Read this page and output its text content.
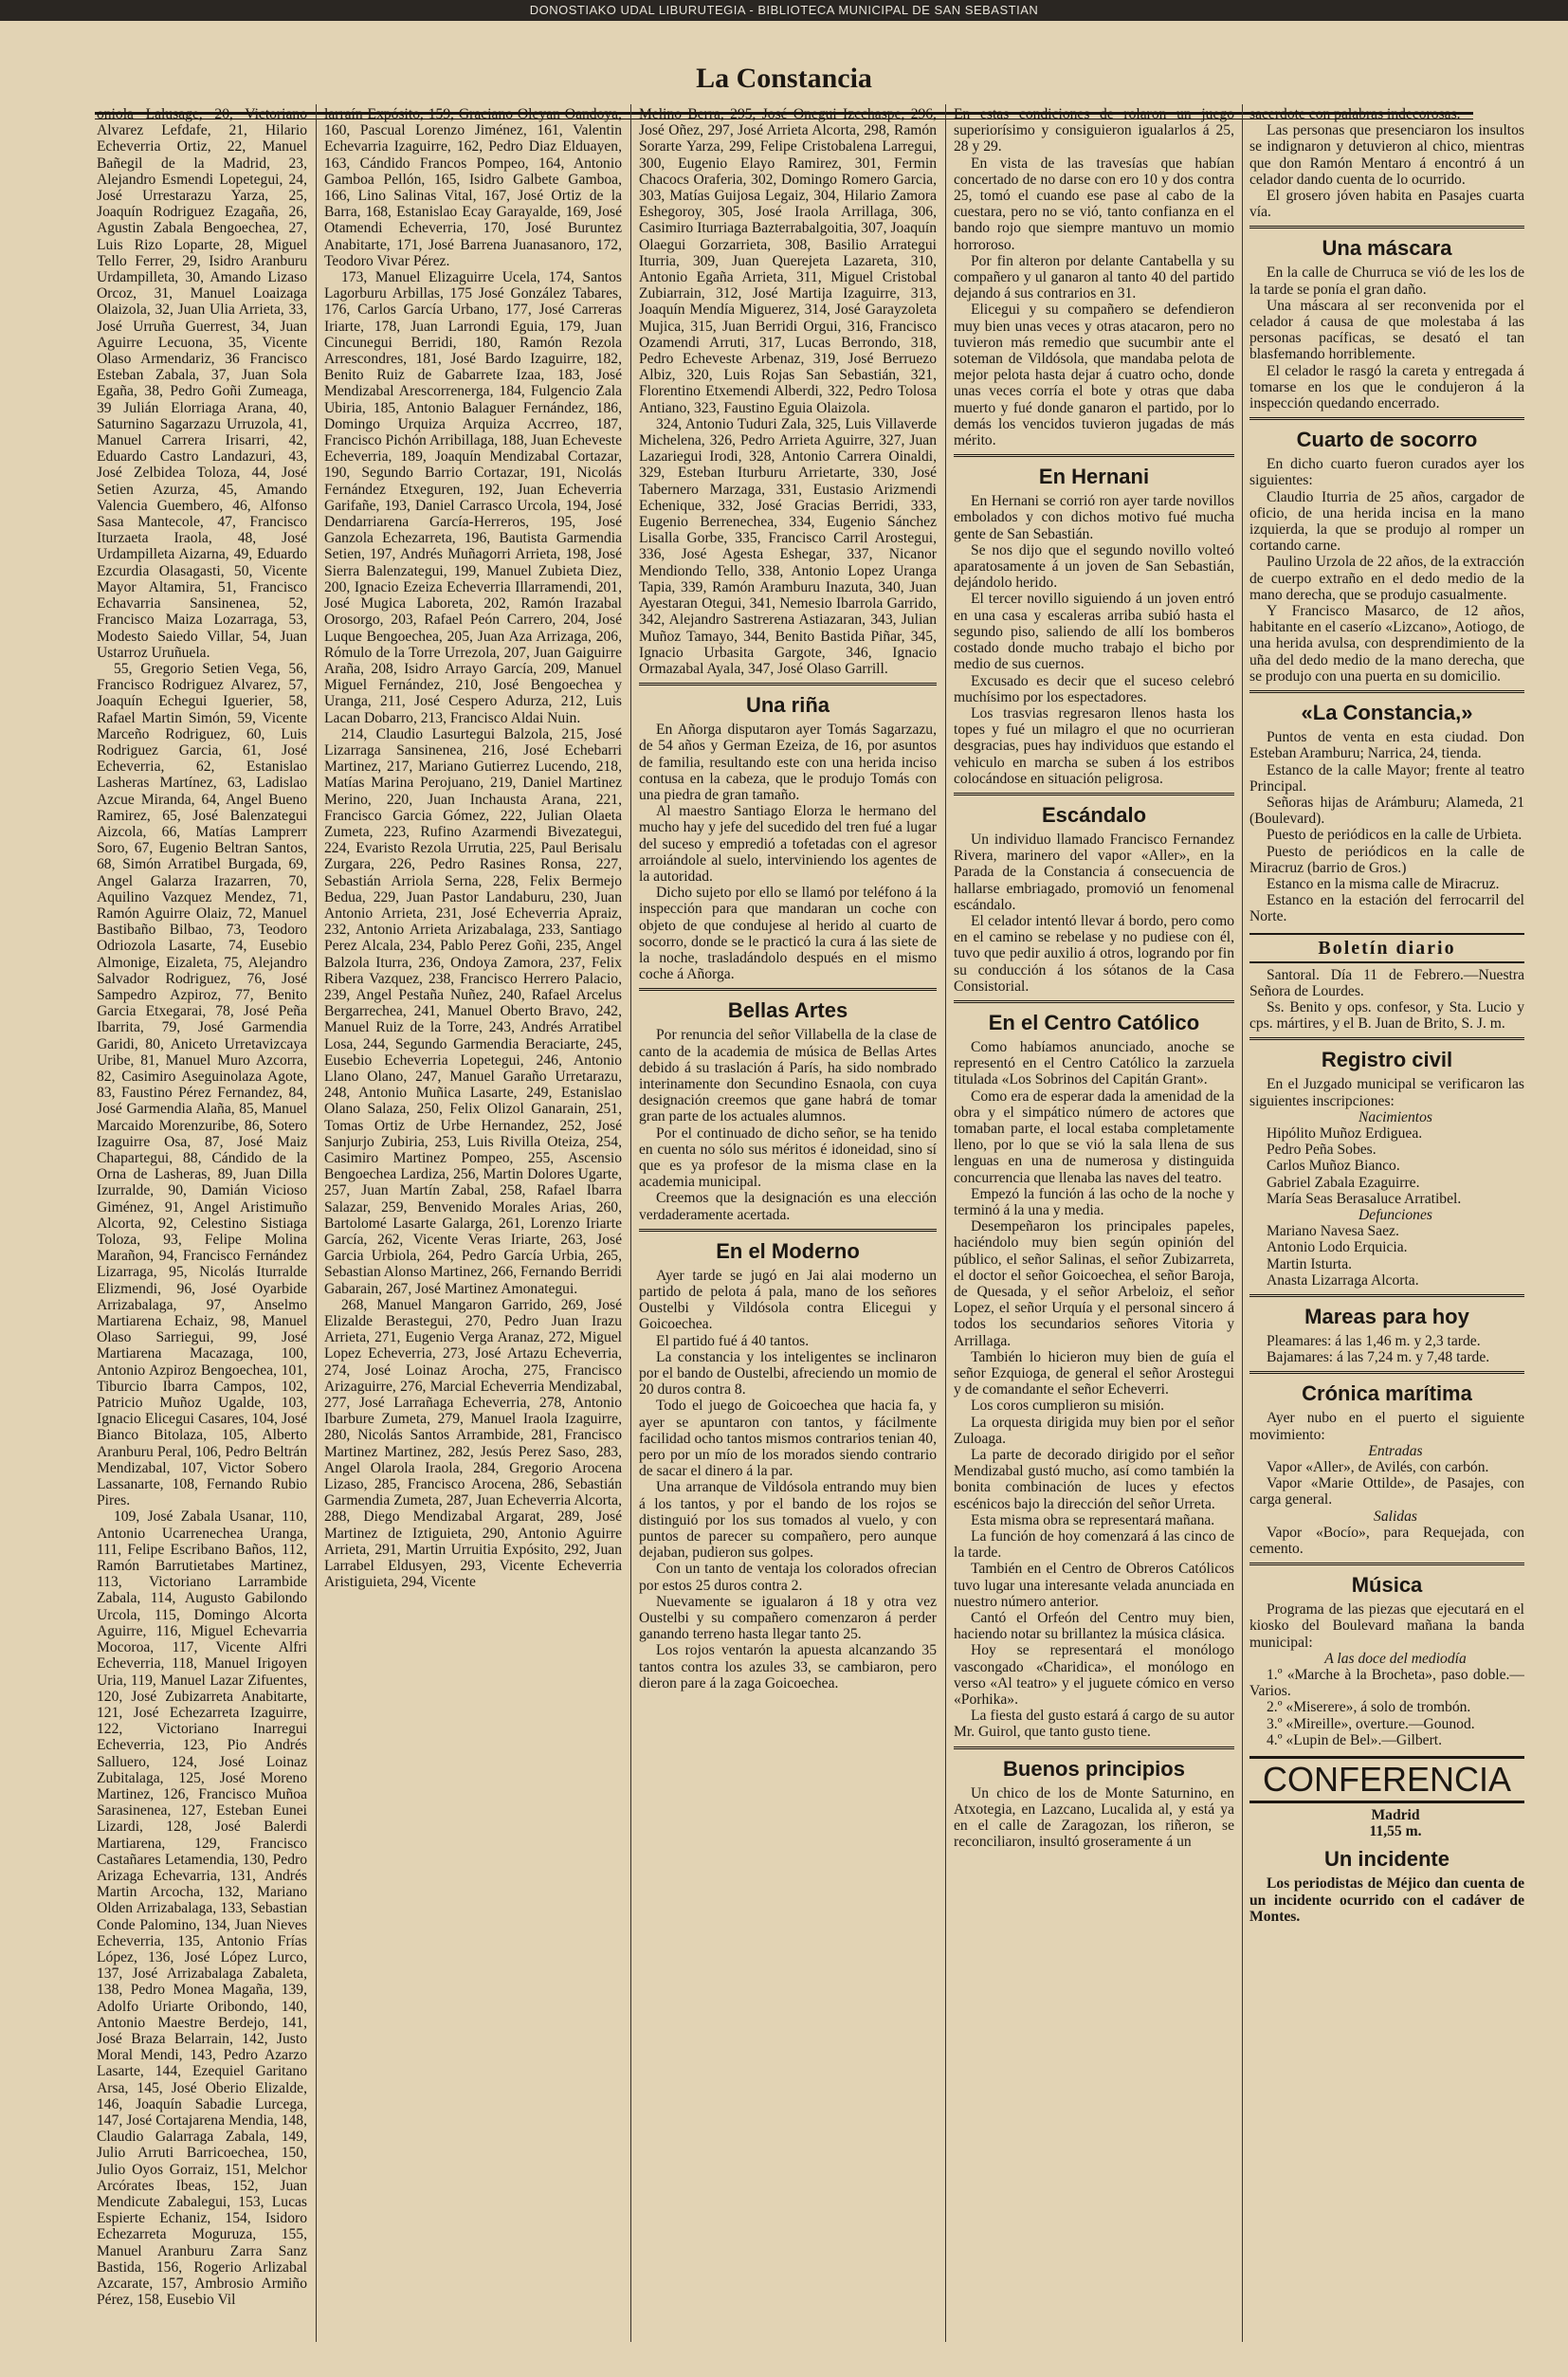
DONOSTIAKO UDAL LIBURUTEGIA - BIBLIOTECA MUNICIPAL DE SAN SEBASTIAN
La Constancia

oniola Lalusage, 20, Victoriano Alvarez Lefdafe, 21, Hilario Echeverria Ortiz, 22, Manuel Bañegil de la Madrid, 23, Alejandro Esmendi Lopetegui, 24, José Urrestarazu Yarza, 25, Joaquín Rodriguez Ezagaña, 26, Agustin Zabala Bengoechea, 27, Luis Rizo Loparte, 28, Miguel Tello Ferrer, 29, Isidro Aranburu Urdampilleta, 30, Amando Lizaso Orcoz, 31, Manuel Loaizaga Olaizola, 32, Juan Ulia Arrieta, 33, José Urruña Guerrest, 34, Juan Aguirre Lecuona, 35, Vicente Olaso Armendariz, 36 Francisco Esteban Zabala, 37, Juan Sola Egaña, 38, Pedro Goñi Zumeaga, 39 Julián Elorriaga Arana, 40, Saturnino Sagarzazu Urruzola, 41, Manuel Carrera Irisarri, 42, Eduardo Castro Landazuri, 43, José Zelbidea Toloza, 44, José Setien Azurza, 45, Amando Valencia Guembero, 46, Alfonso Sasa Mantecole, 47, Francisco Iturzaeta Iraola, 48, José Urdampilleta Aizarna, 49, Eduardo Ezcurdia Olasagasti, 50, Vicente Mayor Altamira, 51, Francisco Echavarria Sansinenea, 52, Francisco Maiza Lozarraga, 53, Modesto Saiedo Villar, 54, Juan Ustarroz Uruñuela.

55, Gregorio Setien Vega, 56, Francisco Rodriguez Alvarez, 57, Joaquín Echegui Iguerier, 58, Rafael Martin Simón, 59, Vicente Marceño Rodriguez, 60, Luis Rodriguez Garcia, 61, José Echeverria, 62, Estanislao Lasheras Martínez, 63, Ladislao Azcue Miranda, 64, Angel Bueno Ramirez, 65, José Balenzategui Aizcola, 66, Matías Lamprerr Soro, 67, Eugenio Beltran Santos, 68, Simón Arratibel Burgada, 69, Angel Galarza Irazarren, 70, Aquilino Vazquez Mendez, 71, Ramón Aguirre Olaiz, 72, Manuel Bastibaño Bilbao, 73, Teodoro Odriozola Lasarte, 74, Eusebio Almonige, Eizaleta, 75, Alejandro Salvador Rodriguez, 76, José Sampedro Azpiroz, 77, Benito Garcia Etxegarai, 78, José Peña Ibarrita, 79, José Garmendia Garidi, 80, Aniceto Urretavizcaya Uribe, 81, Manuel Muro Azcorra, 82, Casimiro Aseguinolaza Agote, 83, Faustino Pérez Fernandez, 84, José Garmendia Alaña, 85, Manuel Marcaido Morenzuribe, 86, Sotero Izaguirre Osa, 87, José Maiz Chapartegui, 88, Cándido de la Orna de Lasheras, 89, Juan Dilla Izurralde, 90, Damián Vicioso Giménez, 91, Angel Aristimuño Alcorta, 92, Celestino Sistiaga Toloza, 93, Felipe Molina Marañon, 94, Francisco Fernández Lizarraga, 95, Nicolás Iturralde Elizmendi, 96, José Oyarbide Arrizabalaga, 97, Anselmo Martiarena Echaiz, 98, Manuel Olaso Sarriegui, 99, José Martiarena Macazaga, 100, Antonio Azpiroz Bengoechea, 101, Tiburcio Ibarra Campos, 102, Patricio Muñoz Ugalde, 103, Ignacio Elicegui Casares, 104, José Bianco Bitolaza, 105, Alberto Aranburu Peral, 106, Pedro Beltrán Mendizabal, 107, Victor Sobero Lassanarte, 108, Fernando Rubio Pires.

109, José Zabala Usanar, 110, Antonio Ucarrenechea Uranga, 111, Felipe Escribano Baños, 112, Ramón Barrutietabes Martinez, 113, Victoriano Larrambide Zabala, 114, Augusto Gabilondo Urcola, 115, Domingo Alcorta Aguirre, 116, Miguel Echevarria Mocoroa, 117, Vicente Alfri Echeverria, 118, Manuel Irigoyen Uria, 119, Manuel Lazar Zifuentes, 120, José Zubizarreta Anabitarte, 121, José Echezarreta Izaguirre, 122, Victoriano Inarregui Echeverria, 123, Pio Andrés Salluero, 124, José Loinaz Zubitalaga, 125, José Moreno Martinez, 126, Francisco Muñoa Sarasinenea, 127, Esteban Eunei Lizardi, 128, José Balerdi Martiarena, 129, Francisco Castañares Letamendia, 130, Pedro Arizaga Echevarria, 131, Andrés Martin Arcocha, 132, Mariano Olden Arrizabalaga, 133, Sebastian Conde Palomino, 134, Juan Nieves Echeverria, 135, Antonio Frías López, 136, José López Lurco, 137, José Arrizabalaga Zabaleta, 138, Pedro Monea Magaña, 139, Adolfo Uriarte Oribondo, 140, Antonio Maestre Berdejo, 141, José Braza Belarrain, 142, Justo Moral Mendi, 143, Pedro Azarzo Lasarte, 144, Ezequiel Garitano Arsa, 145, José Oberio Elizalde, 146, Joaquín Sabadie Lurcega, 147, José Cortajarena Mendia, 148, Claudio Galarraga Zabala, 149, Julio Arruti Barricoechea, 150, Julio Oyos Gorraiz, 151, Melchor Arcórates Ibeas, 152, Juan Mendicute Zabalegui, 153, Lucas Espierte Echaniz, 154, Isidoro Echezarreta Moguruza, 155, Manuel Aranburu Zarra Sanz Bastida, 156, Rogerio Arlizabal Azcarate, 157, Ambrosio Armiño Pérez, 158, Eusebio Vil

larraín Expósito, 159, Graciano Oleyan Oandoya, 160, Pascual Lorenzo Jiménez, 161, Valentin Echevarria Izaguirre, 162, Pedro Diaz Elduayen, 163, Cándido Francos Pompeo, 164, Antonio Gamboa Pellón, 165, Isidro Galbete Gamboa, 166, Lino Salinas Vital, 167, José Ortiz de la Barra, 168, Estanislao Ecay Garayalde, 169, José Otamendi Echeverria, 170, José Buruntez Anabitarte, 171, José Barrena Juanasanoro, 172, Teodoro Vivar Pérez.

173, Manuel Elizaguirre Ucela, 174, Santos Lagorburu Arbillas, 175 José González Tabares, 176, Carlos García Urbano, 177, José Carreras Iriarte, 178, Juan Larrondi Eguia, 179, Juan Cincunegui Berridi, 180, Ramón Rezola Arrescondres, 181, José Bardo Izaguirre, 182, Benito Ruiz de Gabarrete Izaa, 183, José Mendizabal Arescorrenerga, 184, Fulgencio Zala Ubiria, 185, Antonio Balaguer Fernández, 186, Domingo Urquiza Arquiza Accrreo, 187, Francisco Pichón Arribillaga, 188, Juan Echeveste Echeverria, 189, Joaquín Mendizabal Cortazar, 190, Segundo Barrio Cortazar, 191, Nicolás Fernández Etxeguren, 192, Juan Echeverria Garifañe, 193, Daniel Carrasco Urcola, 194, José Dendarriarena García-Herreros, 195, José Ganzola Echezarreta, 196, Bautista Garmendia Setien, 197, Andrés Muñagorri Arrieta, 198, José Sierra Balenzategui, 199, Manuel Zubieta Diez, 200, Ignacio Ezeiza Echeverria Illarramendi, 201, José Mugica Laboreta, 202, Ramón Irazabal Orosorgo, 203, Rafael Peón Carrero, 204, José Luque Bengoechea, 205, Juan Aza Arrizaga, 206, Rómulo de la Torre Urrezola, 207, Juan Gaiguirre Araña, 208, Isidro Arrayo García, 209, Manuel Miguel Fernández, 210, José Bengoechea y Uranga, 211, José Cespero Adurza, 212, Luis Lacan Dobarro, 213, Francisco Aldai Nuin.

214, Claudio Lasurtegui Balzola, 215, José Lizarraga Sansinenea, 216, José Echebarri Martinez, 217, Mariano Gutierrez Lucendo, 218, Matías Marina Perojuano, 219, Daniel Martinez Merino, 220, Juan Inchausta Arana, 221, Francisco Garcia Gómez, 222, Julian Olaeta Zumeta, 223, Rufino Azarmendi Bivezategui, 224, Evaristo Rezola Urrutia, 225, Paul Berisalu Zurgara, 226, Pedro Rasines Ronsa, 227, Sebastián Arriola Serna, 228, Felix Bermejo Bedua, 229, Juan Pastor Landaburu, 230, Juan Antonio Arrieta, 231, José Echeverria Apraiz, 232, Antonio Arrieta Arizabalaga, 233, Santiago Perez Alcala, 234, Pablo Perez Goñi, 235, Angel Balzola Iturra, 236, Ondoya Zamora, 237, Felix Ribera Vazquez, 238, Francisco Herrero Palacio, 239, Angel Pestaña Nuñez, 240, Rafael Arcelus Bergarrechea, 241, Manuel Oberto Bravo, 242, Manuel Ruiz de la Torre, 243, Andrés Arratibel Losa, 244, Segundo Garmendia Beraciarte, 245, Eusebio Echeverria Lopetegui, 246, Antonio Llano Olano, 247, Manuel Garaño Urretarazu, 248, Antonio Muñica Lasarte, 249, Estanislao Olano Salaza, 250, Felix Olizol Ganarain, 251, Tomas Ortiz de Urbe Hernandez, 252, José Sanjurjo Zubiria, 253, Luis Rivilla Oteiza, 254, Casimiro Martinez Pompeo, 255, Ascensio Bengoechea Lardiza, 256, Martin Dolores Ugarte, 257, Juan Martín Zabal, 258, Rafael Ibarra Salazar, 259, Benvenido Morales Arias, 260, Bartolomé Lasarte Galarga, 261, Lorenzo Iriarte García, 262, Vicente Veras Iriarte, 263, José Garcia Urbiola, 264, Pedro García Urbia, 265, Sebastian Alonso Martinez, 266, Fernando Berridi Gabarain, 267, José Martinez Amonategui.

268, Manuel Mangaron Garrido, 269, José Elizalde Berastegui, 270, Pedro Juan Irazu Arrieta, 271, Eugenio Verga Aranaz, 272, Miguel Lopez Echeverria, 273, José Artazu Echeverria, 274, José Loinaz Arocha, 275, Francisco Arizaguirre, 276, Marcial Echeverria Mendizabal, 277, José Larrañaga Echeverria, 278, Antonio Ibarbure Zumeta, 279, Manuel Iraola Izaguirre, 280, Nicolás Santos Arrambide, 281, Francisco Martinez Martinez, 282, Jesús Perez Saso, 283, Angel Olarola Iraola, 284, Gregorio Arocena Lizaso, 285, Francisco Arocena, 286, Sebastián Garmendia Zumeta, 287, Juan Echeverria Alcorta, 288, Diego Mendizabal Argarat, 289, José Martinez de Iztiguieta, 290, Antonio Aguirre Arrieta, 291, Martin Urruitia Expósito, 292, Juan Larrabel Eldusyen, 293, Vicente Echeverria Aristiguieta, 294, Vicente

Melino Berra, 295, José Onegui Izcchaspe, 296, José Oñez, 297, José Arrieta Alcorta, 298, Ramón Sorarte Yarza, 299, Felipe Cristobalena Larregui, 300, Eugenio Elayo Ramirez, 301, Fermin Chacocs Oraferia, 302, Domingo Romero Garcia, 303, Matías Guijosa Legaiz, 304, Hilario Zamora Eshegoroy, 305, José Iraola Arrillaga, 306, Casimiro Iturriaga Bazterrabalgoitia, 307, Joaquín Olaegui Gorzarrieta, 308, Basilio Arrategui Iturria, 309, Juan Querejeta Lazareta, 310, Antonio Egaña Arrieta, 311, Miguel Cristobal Zubiarrain, 312, José Martija Izaguirre, 313, Joaquín Mendía Miguerez, 314, José Garayzoleta Mujica, 315, Juan Berridi Orgui, 316, Francisco Ozamendi Arruti, 317, Lucas Berrondo, 318, Pedro Echeveste Arbenaz, 319, José Berruezo Albiz, 320, Luis Rojas San Sebastián, 321, Florentino Etxemendi Alberdi, 322, Pedro Tolosa Antiano, 323, Faustino Eguia Olaizola.

324, Antonio Tuduri Zala, 325, Luis Villaverde Michelena, 326, Pedro Arrieta Aguirre, 327, Juan Lazariegui Irodi, 328, Antonio Carrera Oinaldi, 329, Esteban Iturburu Arrietarte, 330, José Tabernero Marzaga, 331, Eustasio Arizmendi Echenique, 332, José Gracias Berridi, 333, Eugenio Berrenechea, 334, Eugenio Sánchez Lisalla Gorbe, 335, Francisco Carril Arostegui, 336, José Agesta Eshegar, 337, Nicanor Mendiondo Tello, 338, Antonio Lopez Uranga Tapia, 339, Ramón Aramburu Inazuta, 340, Juan Ayestaran Otegui, 341, Nemesio Ibarrola Garrido, 342, Alejandro Sastrerena Astiazaran, 343, Julian Muñoz Tamayo, 344, Benito Bastida Piñar, 345, Ignacio Urbasita Gargote, 346, Ignacio Ormazabal Ayala, 347, José Olaso Garrill.

Una riña

En Añorga disputaron ayer Tomás Sagarzazu, de 54 años y German Ezeiza, de 16, por asuntos de familia, resultando este con una herida inciso contusa en la cabeza, que le produjo Tomás con una piedra de gran tamaño.

Al maestro Santiago Elorza le hermano del mucho hay y jefe del sucedido del tren fué a lugar del suceso y empredió a tofetadas con el agresor arroiándole al suelo, interviniendo los agentes de la autoridad.

Dicho sujeto por ello se llamó por teléfono á la inspección para que mandaran un coche con objeto de que condujese al herido al cuarto de socorro, donde se le practicó la cura á las siete de la noche, trasladándolo después en el mismo coche á Añorga.

Bellas Artes

Por renuncia del señor Villabella de la clase de canto de la academia de música de Bellas Artes debido á su traslación á París, ha sido nombrado interinamente don Secundino Esnaola, con cuya designación creemos que gane habrá de tomar gran parte de los actuales alumnos.

Por el continuado de dicho señor, se ha tenido en cuenta no sólo sus méritos é idoneidad, sino sí que es ya profesor de la misma clase en la academia municipal.

Creemos que la designación es una elección verdaderamente acertada.

En el Moderno

Ayer tarde se jugó en Jai alai moderno un partido de pelota á pala, mano de los señores Oustelbi y Vildósola contra Elicegui y Goicoechea.

El partido fué á 40 tantos.

La constancia y los inteligentes se inclinaron por el bando de Oustelbi, afreciendo un momio de 20 duros contra 8.

Todo el juego de Goicoechea que hacia fa, y ayer se apuntaron con tantos, y fácilmente facilidad ocho tantos mismos contrarios tenian 40, pero por un mío de los morados siendo contrario de sacar el dinero á la par.

Una arranque de Vildósola entrando muy bien á los tantos, y por el bando de los rojos se distinguió por los sus tomados al vuelo, y con puntos de parecer su compañero, pero aunque dejaban, pudieron sus golpes.

Con un tanto de ventaja los colorados ofrecian por estos 25 duros contra 2.

Nuevamente se igualaron á 18 y otra vez Oustelbi y su compañero comenzaron á perder ganando terreno hasta llegar tanto 25.

Los rojos ventarón la apuesta alcanzando 35 tantos contra los azules 33, se cambiaron, pero dieron pare á la zaga Goicoechea.

En estas condiciones de rolaron un juego superiorísimo y consiguieron igualarlos á 25, 28 y 29.

En vista de las travesías que habían concertado de no darse con ero 10 y dos contra 25, tomó el cuando ese pase al cabo de la cuestara, pero no se vió, tanto confianza en el bando rojo que siempre mantuvo un momio horroroso.

Por fin alteron por delante Cantabella y su compañero y ul ganaron al tanto 40 del partido dejando á sus contrarios en 31.

Elicegui y su compañero se defendieron muy bien unas veces y otras atacaron, pero no tuvieron más remedio que sucumbir ante el soteman de Vildósola, que mandaba pelota de mejor pelota hasta dejar á cuatro ocho, donde unas veces corría el bote y otras que daba muerto y fué donde ganaron el partido, por lo demás los vencidos tuvieron jugadas de más mérito.

En Hernani

En Hernani se corrió ron ayer tarde novillos embolados y con dichos motivo fué mucha gente de San Sebastián.

Se nos dijo que el segundo novillo volteó aparatosamente á un joven de San Sebastián, dejándolo herido.

El tercer novillo siguiendo á un joven entró en una casa y escaleras arriba subió hasta el segundo piso, saliendo de allí los bomberos costado donde mucho trabajo el bicho por medio de sus cuernos.

Excusado es decir que el suceso celebró muchísimo por los espectadores.

Los trasvias regresaron llenos hasta los topes y fué un milagro el que no ocurrieran desgracias, pues hay individuos que estando el vehiculo en marcha se suben á los estribos colocándose en situación peligrosa.

Escándalo

Un individuo llamado Francisco Fernandez Rivera, marinero del vapor «Aller», en la Parada de la Constancia á consecuencia de hallarse embriagado, promovió un fenomenal escándalo.

El celador intentó llevar á bordo, pero como en el camino se rebelase y no pudiese con él, tuvo que pedir auxilio á otros, logrando por fin su conducción á los sótanos de la Casa Consistorial.

En el Centro Católico

Como habíamos anunciado, anoche se representó en el Centro Católico la zarzuela titulada «Los Sobrinos del Capitán Grant».

Como era de esperar dada la amenidad de la obra y el simpático número de actores que tomaban parte, el local estaba completamente lleno, por lo que se vió la sala llena de sus lenguas en una de numerosa y distinguida concurrencia que llenaba las naves del teatro.

Empezó la función á las ocho de la noche y terminó á la una y media.

Desempeñaron los principales papeles, haciéndolo muy bien según opinión del público, el señor Salinas, el señor Zubizarreta, el doctor el señor Goicoechea, el señor Baroja, de Quesada, y el señor Arbeloiz, el señor Lopez, el señor Urquía y el personal sincero á todos los secundarios señores Vitoria y Arrillaga.

También lo hicieron muy bien de guía el señor Ezquioga, de general el señor Arostegui y de comandante el señor Echeverri.

Los coros cumplieron su misión.

La orquesta dirigida muy bien por el señor Zuloaga.

La parte de decorado dirigido por el señor Mendizabal gustó mucho, así como también la bonita combinación de luces y efectos escénicos bajo la dirección del señor Urreta.

Esta misma obra se representará mañana.

La función de hoy comenzará á las cinco de la tarde.

También en el Centro de Obreros Católicos tuvo lugar una interesante velada anunciada en nuestro número anterior.

Cantó el Orfeón del Centro muy bien, haciendo notar su brillantez la música clásica.

Hoy se representará el monólogo vascongado «Charidica», el monólogo en verso «Al teatro» y el juguete cómico en verso «Porhika».

La fiesta del gusto estará á cargo de su autor Mr. Guirol, que tanto gusto tiene.

Buenos principios

Un chico de los de Monte Saturnino, en Atxotegia, en Lazcano, Lucalida al, y está ya en el calle de Zaragozan, los riñeron, se reconciliaron, insultó groseramente á un

sacerdote con palabras indecorosas.

Las personas que presenciaron los insultos se indignaron y detuvieron al chico, mientras que don Ramón Mentaro á encontró á un celador dando cuenta de lo ocurrido.

El grosero jóven habita en Pasajes cuarta vía.

Una máscara

En la calle de Churruca se vió de les los de la tarde se ponía el gran daño.

Una máscara al ser reconvenida por el celador á causa de que molestaba á las personas pacíficas, se desató el tan blasfemando horriblemente.

El celador le rasgó la careta y entregada á tomarse en los que le condujeron á la inspección quedando encerrado.

Cuarto de socorro

En dicho cuarto fueron curados ayer los siguientes:

Claudio Iturria de 25 años, cargador de oficio, de una herida incisa en la mano izquierda, la que se produjo al romper un cortando carne.

Paulino Urzola de 22 años, de la extracción de cuerpo extraño en el dedo medio de la mano derecha, que se produjo casualmente.

Y Francisco Masarco, de 12 años, habitante en el caserío «Lizcano», Aotiogo, de una herida avulsa, con desprendimiento de la uña del dedo medio de la mano derecha, que se produjo con una puerta en su domicilio.

«La Constancia,»

Puntos de venta en esta ciudad. Don Esteban Aramburu; Narrica, 24, tienda.

Estanco de la calle Mayor; frente al teatro Principal.

Señoras hijas de Arámburu; Alameda, 21 (Boulevard).

Puesto de periódicos en la calle de Urbieta.

Puesto de periódicos en la calle de Miracruz (barrio de Gros.)

Estanco en la misma calle de Miracruz.

Estanco en la estación del ferrocarril del Norte.

Boletín diario

Santoral. Día 11 de Febrero.—Nuestra Señora de Lourdes.

Ss. Benito y ops. confesor, y Sta. Lucio y cps. mártires, y el B. Juan de Brito, S. J. m.

Registro civil

En el Juzgado municipal se verificaron las siguientes inscripciones:

Nacimientos

Hipólito Muñoz Erdiguea.

Pedro Peña Sobes.

Carlos Muñoz Bianco.

Gabriel Zabala Ezaguirre.

María Seas Berasaluce Arratibel.

Defunciones

Mariano Navesa Saez.

Antonio Lodo Erquicia.

Martin Isturta.

Anasta Lizarraga Alcorta.

Mareas para hoy

Pleamares: á las 1,46 m. y 2,3 tarde.

Bajamares: á las 7,24 m. y 7,48 tarde.

Crónica marítima

Ayer nubo en el puerto el siguiente movimiento:

Entradas

Vapor «Aller», de Avilés, con carbón.

Vapor «Marie Ottilde», de Pasajes, con carga general.

Salidas

Vapor «Bocío», para Requejada, con cemento.

Música

Programa de las piezas que ejecutará en el kiosko del Boulevard mañana la banda municipal:

A las doce del mediodía

1.º «Marche à la Brocheta», paso doble.—Varios.

2.º «Miserere», á solo de trombón.

3.º «Mireille», overture.—Gounod.

4.º «Lupin de Bel».—Gilbert.

CONFERENCIA

Madrid

11,55 m.

Un incidente

Los periodistas de Méjico dan cuenta de un incidente ocurrido con el cadáver de Montes.
